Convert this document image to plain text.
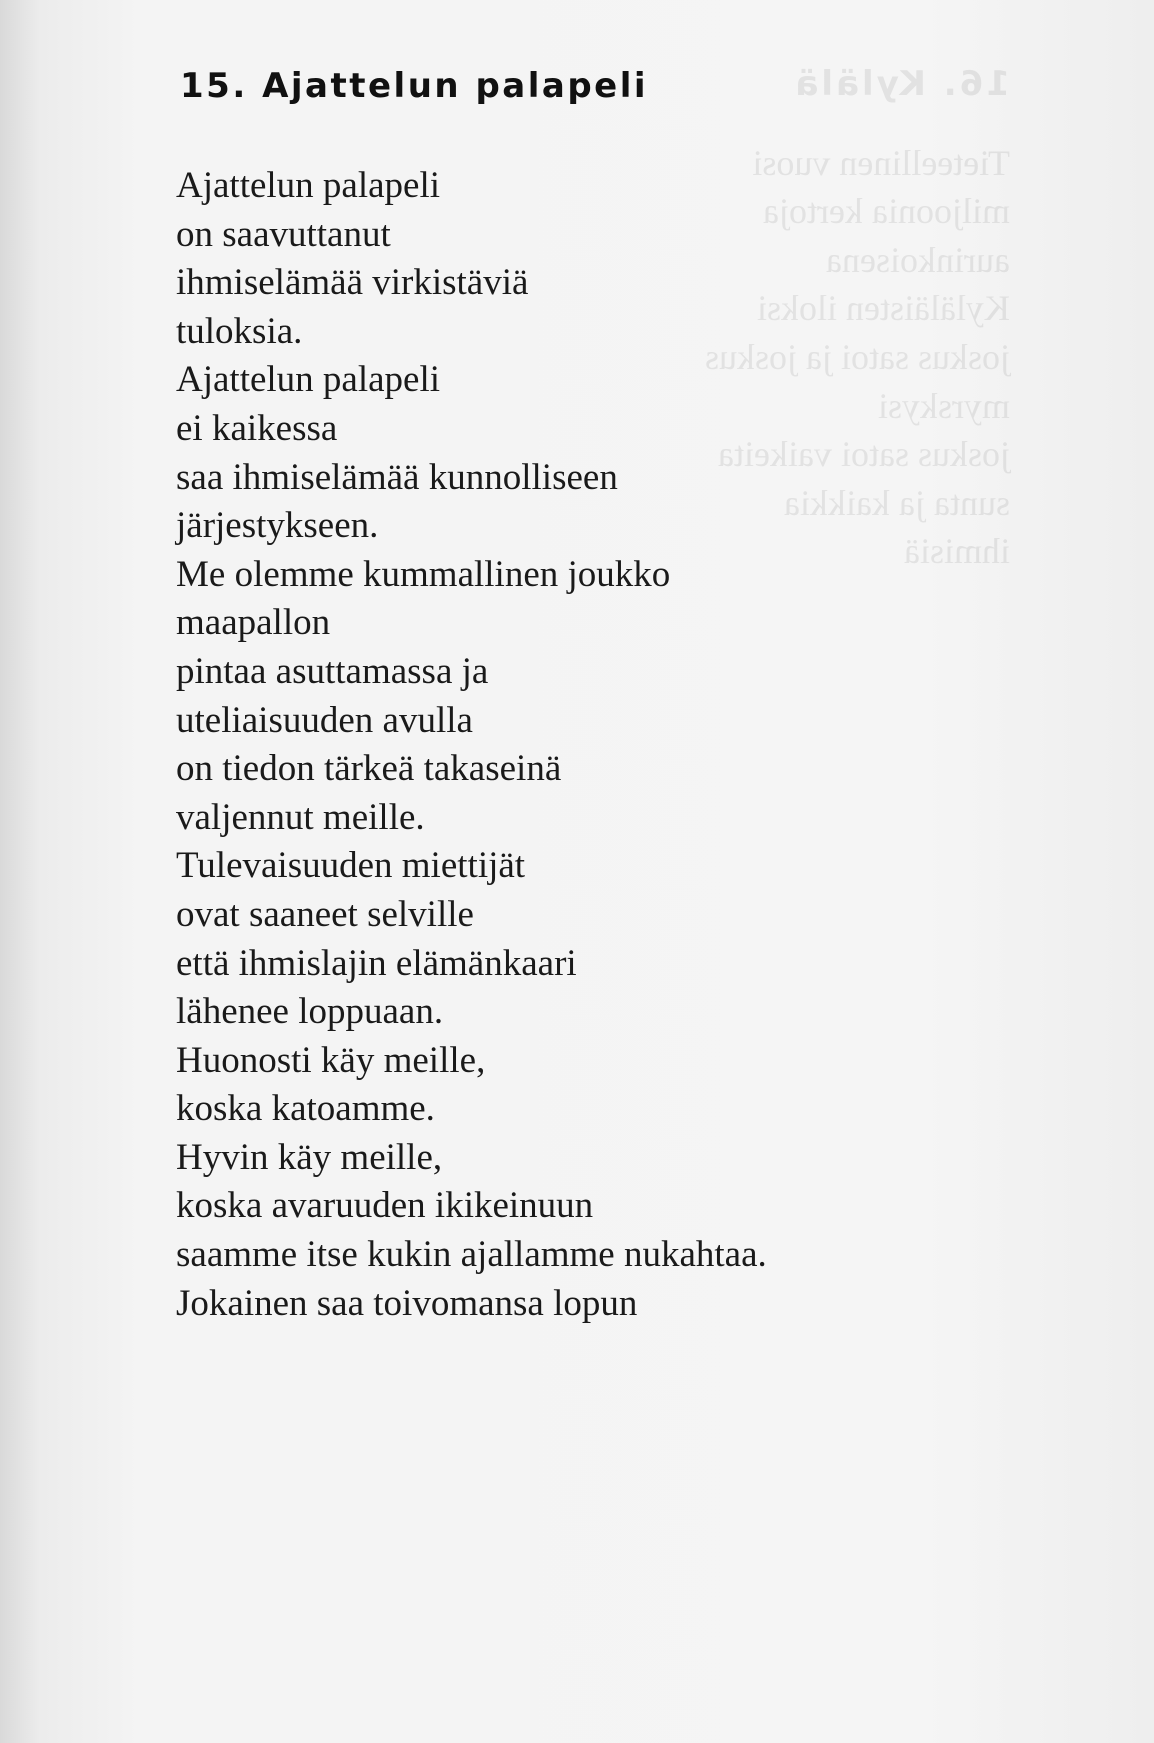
16. Kylälä
Tieteellinen vuosi
miljoonia kertoja
aurinkoisena
Kyläläisten iloksi
joskus satoi ja joskus
myrskysi
joskus satoi vaikeita
sunta ja kaikkia
ihmisiä
15. Ajattelun palapeli
Ajattelun palapeli
on saavuttanut
ihmiselämää virkistäviä
tuloksia.
Ajattelun palapeli
ei kaikessa
saa ihmiselämää kunnolliseen
järjestykseen.
Me olemme kummallinen joukko
maapallon
pintaa asuttamassa ja
uteliaisuuden avulla
on tiedon tärkeä takaseinä
valjennut meille.
Tulevaisuuden miettijät
ovat saaneet selville
että ihmislajin elämänkaari
lähenee loppuaan.
Huonosti käy meille,
koska katoamme.
Hyvin käy meille,
koska avaruuden ikikeinuun
saamme itse kukin ajallamme nukahtaa.
Jokainen saa toivomansa lopun
